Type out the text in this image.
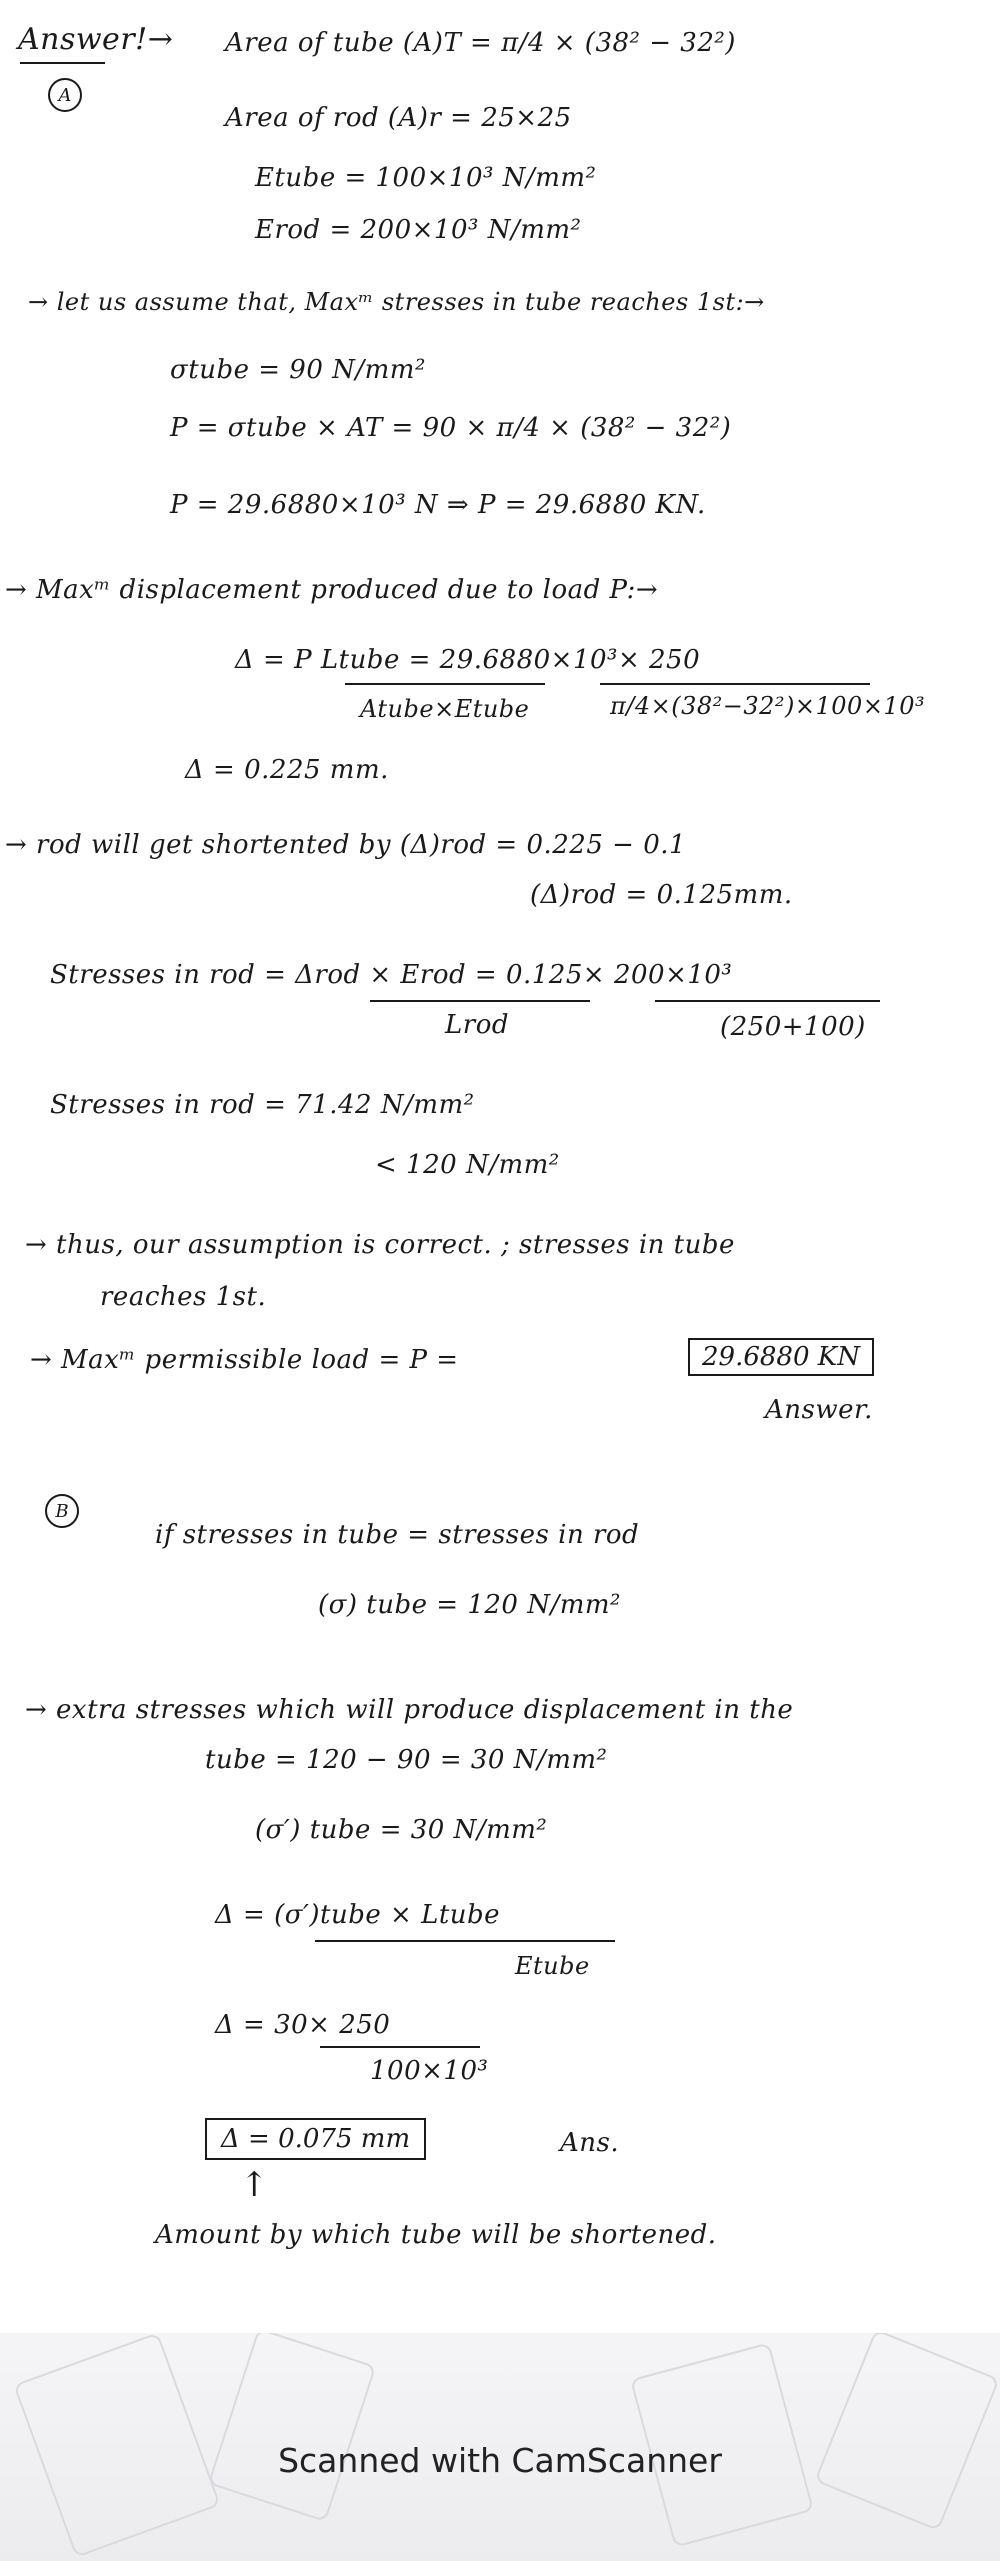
Answer!→
A
Area of tube (A)T = π/4 × (38² − 32²)
Area of rod (A)r = 25×25
Etube = 100×10³ N/mm²
Erod = 200×10³ N/mm²
→ let us assume that, Maxᵐ stresses in tube reaches 1st:→
σtube = 90 N/mm²
P = σtube × AT = 90 × π/4 × (38² − 32²)
P = 29.6880×10³ N ⇒ P = 29.6880 KN.
→ Maxᵐ displacement produced due to load P:→
Δ = P Ltube = 29.6880×10³× 250
Atube×Etube	π/4×(38²−32²)×100×10³
Δ = 0.225 mm.
→ rod will get shortented by (Δ)rod = 0.225 − 0.1
(Δ)rod = 0.125mm.
Stresses in rod = Δrod × Erod = 0.125× 200×10³
Lrod	(250+100)
Stresses in rod = 71.42 N/mm²
< 120 N/mm²
→ thus, our assumption is correct. ; stresses in tube
reaches 1st.
→ Maxᵐ permissible load = P =	29.6880 KN
Answer.
B
if stresses in tube = stresses in rod
(σ) tube = 120 N/mm²
→ extra stresses which will produce displacement in the
tube = 120 − 90 = 30 N/mm²
(σ′) tube = 30 N/mm²
Δ = (σ′)tube × Ltube
Etube
Δ = 30× 250
100×10³
Δ = 0.075 mm	Ans.
↑
Amount by which tube will be shortened.
Scanned with CamScanner
